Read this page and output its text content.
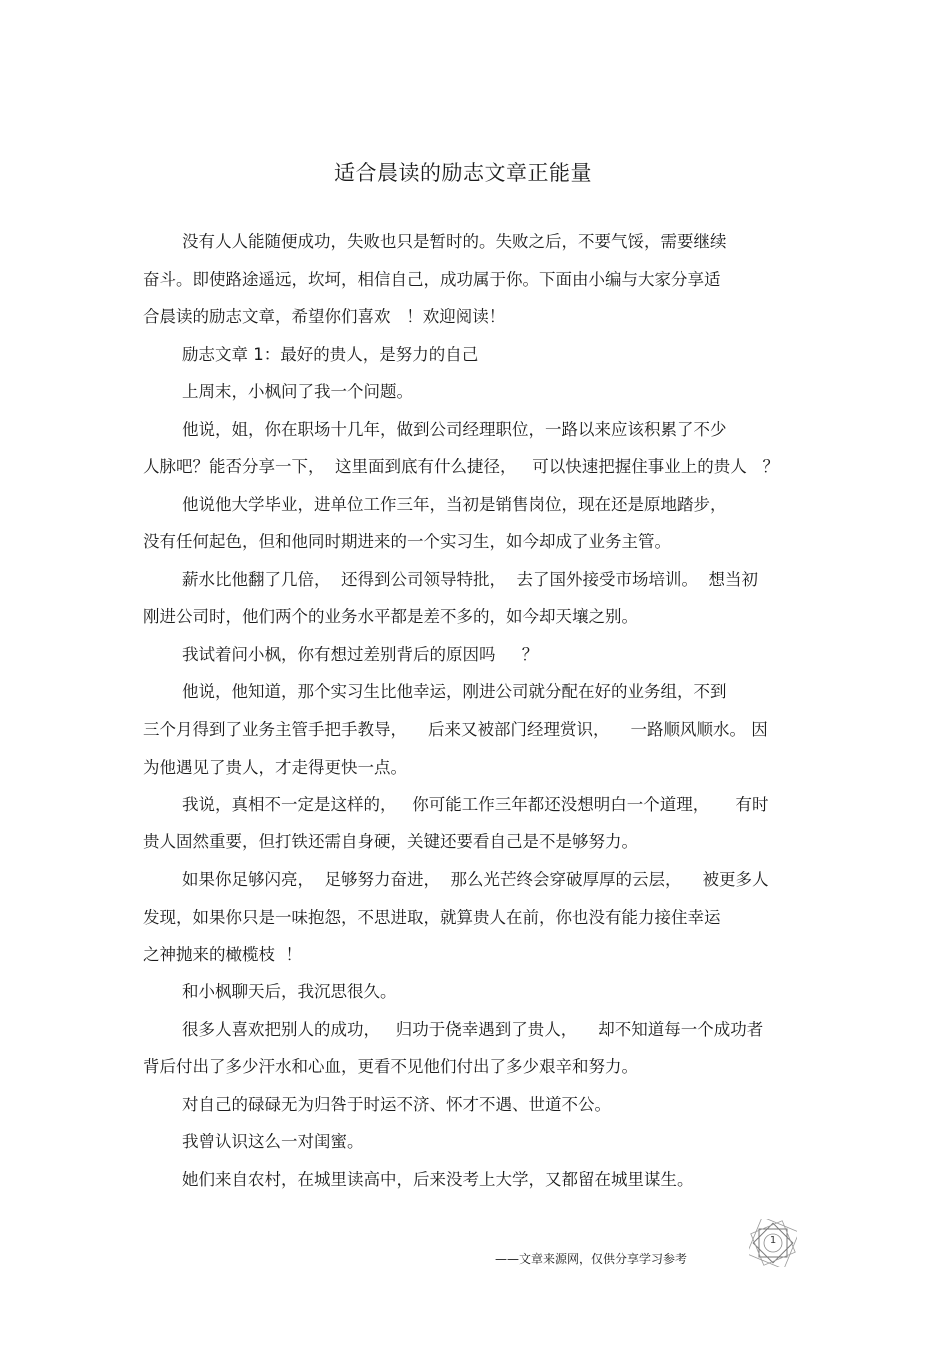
适合晨读的励志文章正能量
没有人人能随便成功，失败也只是暂时的。失败之后，不要气馁，需要继续
奋斗。即使路途遥远，坎坷，相信自己，成功属于你。下面由小编与大家分享适
合晨读的励志文章，希望你们喜欢   ！欢迎阅读！
励志文章 1：最好的贵人，是努力的自己
上周末，小枫问了我一个问题。
他说，姐，你在职场十几年，做到公司经理职位，一路以来应该积累了不少
人脉吧？能否分享一下，  这里面到底有什么捷径，   可以快速把握住事业上的贵人   ？
他说他大学毕业，进单位工作三年，当初是销售岗位，现在还是原地踏步，
没有任何起色，但和他同时期进来的一个实习生，如今却成了业务主管。
薪水比他翻了几倍，  还得到公司领导特批，  去了国外接受市场培训。  想当初
刚进公司时，他们两个的业务水平都是差不多的，如今却天壤之别。
我试着问小枫，你有想过差别背后的原因吗     ？
他说，他知道，那个实习生比他幸运，刚进公司就分配在好的业务组，不到
三个月得到了业务主管手把手教导，    后来又被部门经理赏识，    一路顺风顺水。 因
为他遇见了贵人，才走得更快一点。
我说，真相不一定是这样的，   你可能工作三年都还没想明白一个道理，     有时
贵人固然重要，但打铁还需自身硬，关键还要看自己是不是够努力。
如果你足够闪亮，  足够努力奋进，  那么光芒终会穿破厚厚的云层，    被更多人
发现，如果你只是一味抱怨，不思进取，就算贵人在前，你也没有能力接住幸运
之神抛来的橄榄枝  ！
和小枫聊天后，我沉思很久。
很多人喜欢把别人的成功，   归功于侥幸遇到了贵人，    却不知道每一个成功者
背后付出了多少汗水和心血，更看不见他们付出了多少艰辛和努力。
对自己的碌碌无为归咎于时运不济、怀才不遇、世道不公。
我曾认识这么一对闺蜜。
她们来自农村，在城里读高中，后来没考上大学，又都留在城里谋生。
——文章来源网，仅供分享学习参考
1
